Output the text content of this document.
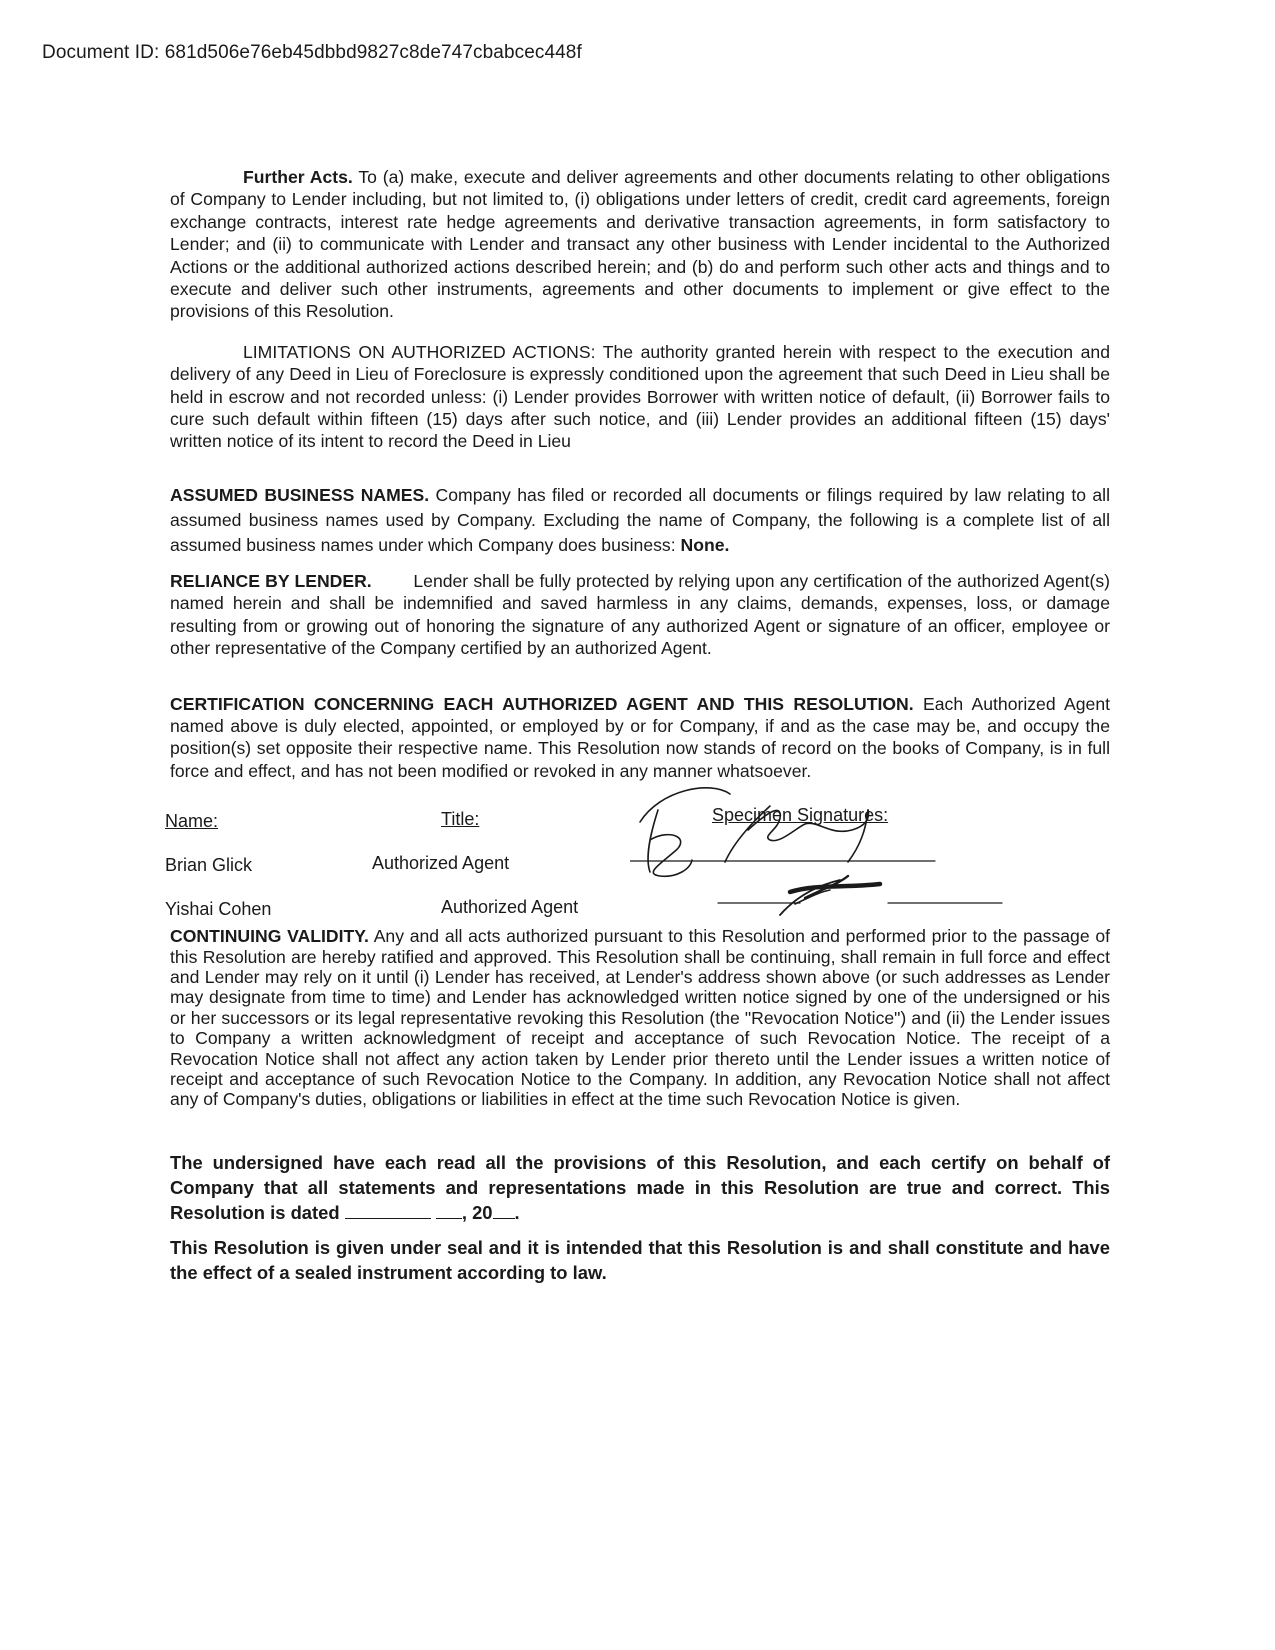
Document ID: 681d506e76eb45dbbd9827c8de747cbabcec448f

Further Acts. To (a) make, execute and deliver agreements and other documents relating to other obligations of Company to Lender including, but not limited to, (i) obligations under letters of credit, credit card agreements, foreign exchange contracts, interest rate hedge agreements and derivative transaction agreements, in form satisfactory to Lender; and (ii) to communicate with Lender and transact any other business with Lender incidental to the Authorized Actions or the additional authorized actions described herein; and (b) do and perform such other acts and things and to execute and deliver such other instruments, agreements and other documents to implement or give effect to the provisions of this Resolution.

LIMITATIONS ON AUTHORIZED ACTIONS: The authority granted herein with respect to the execution and delivery of any Deed in Lieu of Foreclosure is expressly conditioned upon the agreement that such Deed in Lieu shall be held in escrow and not recorded unless: (i) Lender provides Borrower with written notice of default, (ii) Borrower fails to cure such default within fifteen (15) days after such notice, and (iii) Lender provides an additional fifteen (15) days' written notice of its intent to record the Deed in Lieu

ASSUMED BUSINESS NAMES. Company has filed or recorded all documents or filings required by law relating to all assumed business names used by Company. Excluding the name of Company, the following is a complete list of all assumed business names under which Company does business: None.

RELIANCE BY LENDER.        Lender shall be fully protected by relying upon any certification of the authorized Agent(s) named herein and shall be indemnified and saved harmless in any claims, demands, expenses, loss, or damage resulting from or growing out of honoring the signature of any authorized Agent or signature of an officer, employee or other representative of the Company certified by an authorized Agent.

CERTIFICATION CONCERNING EACH AUTHORIZED AGENT AND THIS RESOLUTION. Each Authorized Agent named above is duly elected, appointed, or employed by or for Company, if and as the case may be, and occupy the position(s) set opposite their respective name. This Resolution now stands of record on the books of Company, is in full force and effect, and has not been modified or revoked in any manner whatsoever.

Name:	Title:	Specimen Signatures:
Brian Glick	Authorized Agent
Yishai Cohen	Authorized Agent

CONTINUING VALIDITY. Any and all acts authorized pursuant to this Resolution and performed prior to the passage of this Resolution are hereby ratified and approved. This Resolution shall be continuing, shall remain in full force and effect and Lender may rely on it until (i) Lender has received, at Lender's address shown above (or such addresses as Lender may designate from time to time) and Lender has acknowledged written notice signed by one of the undersigned or his or her successors or its legal representative revoking this Resolution (the "Revocation Notice") and (ii) the Lender issues to Company a written acknowledgment of receipt and acceptance of such Revocation Notice. The receipt of a Revocation Notice shall not affect any action taken by Lender prior thereto until the Lender issues a written notice of receipt and acceptance of such Revocation Notice to the Company. In addition, any Revocation Notice shall not affect any of Company's duties, obligations or liabilities in effect at the time such Revocation Notice is given.

The undersigned have each read all the provisions of this Resolution, and each certify on behalf of Company that all statements and representations made in this Resolution are true and correct. This Resolution is dated	, 20 .

This Resolution is given under seal and it is intended that this Resolution is and shall constitute and have the effect of a sealed instrument according to law.
